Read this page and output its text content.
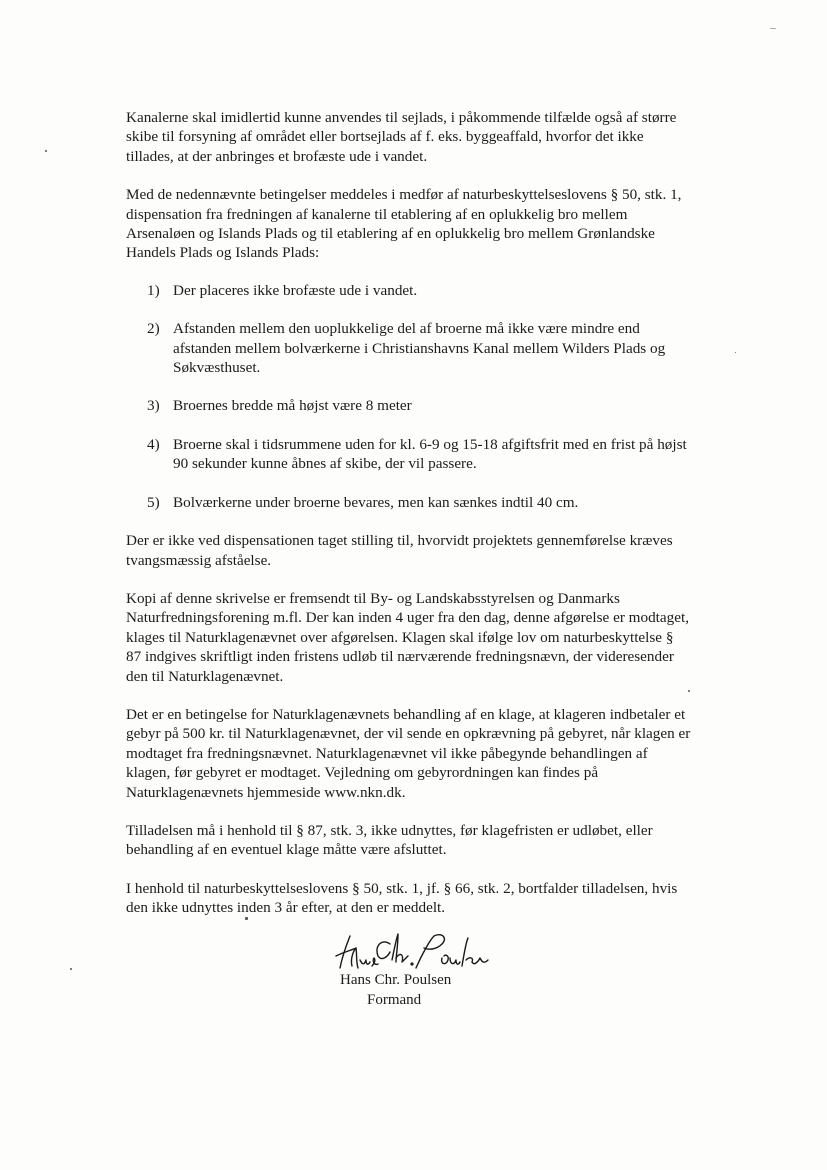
Kanalerne skal imidlertid kunne anvendes til sejlads, i påkommende tilfælde også af større skibe til forsyning af området eller bortsejlads af f. eks. byggeaffald, hvorfor det ikke tillades, at der anbringes et brofæste ude i vandet.

Med de nedennævnte betingelser meddeles i medfør af naturbeskyttelseslovens § 50, stk. 1, dispensation fra fredningen af kanalerne til etablering af en oplukkelig bro mellem Arsenaløen og Islands Plads og til etablering af en oplukkelig bro mellem Grønlandske Handels Plads og Islands Plads:

1) Der placeres ikke brofæste ude i vandet.
2) Afstanden mellem den uoplukkelige del af broerne må ikke være mindre end afstanden mellem bolværkerne i Christianshavns Kanal mellem Wilders Plads og Søkvæsthuset.
3) Broernes bredde må højst være 8 meter
4) Broerne skal i tidsrummene uden for kl. 6-9 og 15-18 afgiftsfrit med en frist på højst 90 sekunder kunne åbnes af skibe, der vil passere.
5) Bolværkerne under broerne bevares, men kan sænkes indtil 40 cm.

Der er ikke ved dispensationen taget stilling til, hvorvidt projektets gennemførelse kræves tvangsmæssig afståelse.

Kopi af denne skrivelse er fremsendt til By- og Landskabsstyrelsen og Danmarks Naturfredningsforening m.fl. Der kan inden 4 uger fra den dag, denne afgørelse er modtaget, klages til Naturklagenævnet over afgørelsen. Klagen skal ifølge lov om naturbeskyttelse § 87 indgives skriftligt inden fristens udløb til nærværende fredningsnævn, der videresender den til Naturklagenævnet.

Det er en betingelse for Naturklagenævnets behandling af en klage, at klageren indbetaler et gebyr på 500 kr. til Naturklagenævnet, der vil sende en opkrævning på gebyret, når klagen er modtaget fra fredningsnævnet. Naturklagenævnet vil ikke påbegynde behandlingen af klagen, før gebyret er modtaget. Vejledning om gebyrordningen kan findes på Naturklagenævnets hjemmeside www.nkn.dk.

Tilladelsen må i henhold til § 87, stk. 3, ikke udnyttes, før klagefristen er udløbet, eller behandling af en eventuel klage måtte være afsluttet.

I henhold til naturbeskyttelseslovens § 50, stk. 1, jf. § 66, stk. 2, bortfalder tilladelsen, hvis den ikke udnyttes inden 3 år efter, at den er meddelt.

Hans Chr. Poulsen
Formand
